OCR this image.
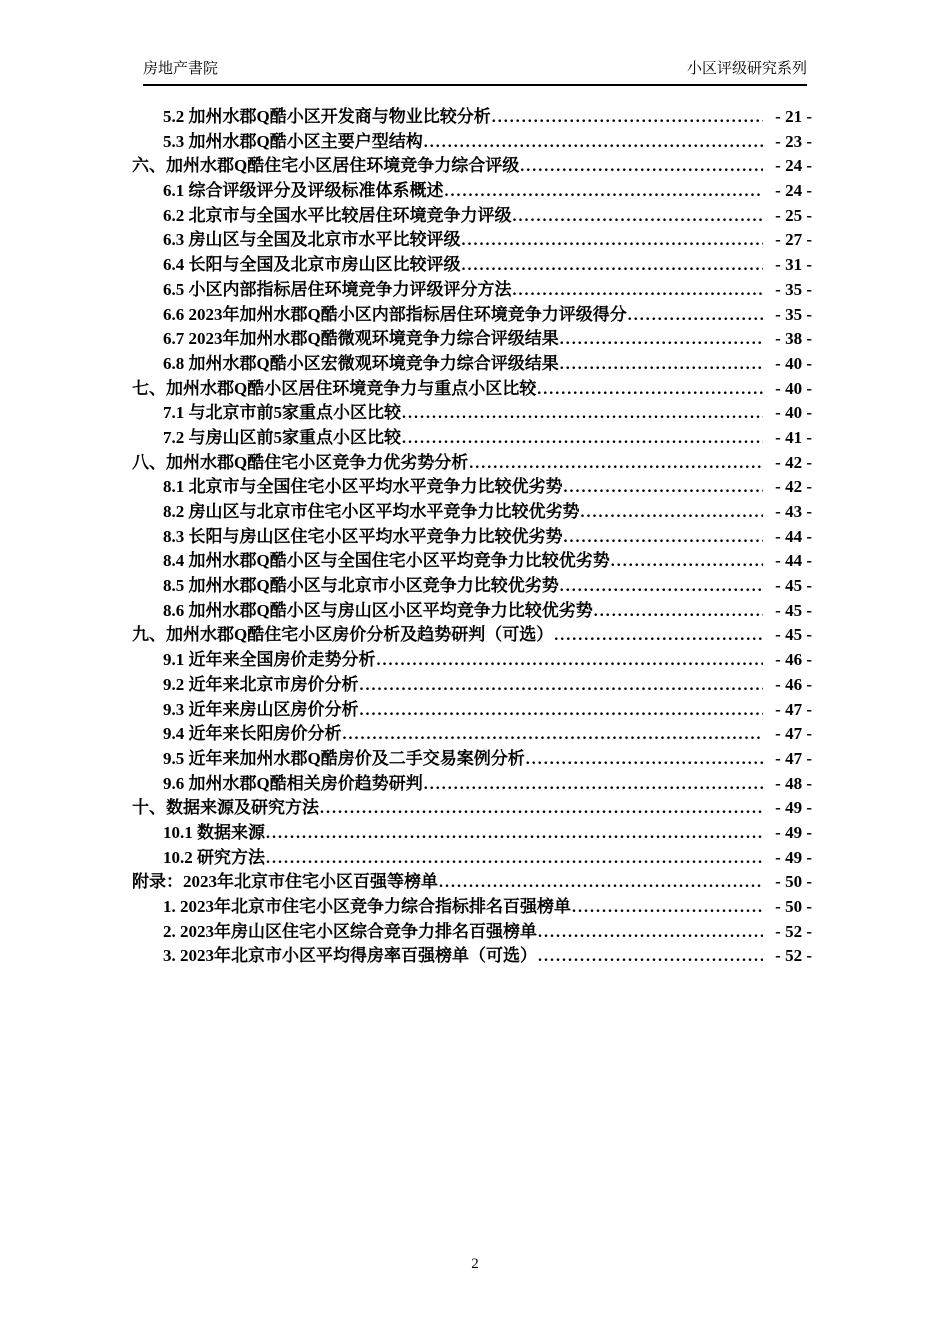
房地产書院	小区评级研究系列
5.2 加州水郡Q酷小区开发商与物业比较分析 .....	- 21 -
5.3 加州水郡Q酷小区主要户型结构 .....	- 23 -
六、加州水郡Q酷住宅小区居住环境竞争力综合评级 .....	- 24 -
6.1 综合评级评分及评级标准体系概述 .....	- 24 -
6.2 北京市与全国水平比较居住环境竞争力评级 .....	- 25 -
6.3 房山区与全国及北京市水平比较评级 .....	- 27 -
6.4 长阳与全国及北京市房山区比较评级 .....	- 31 -
6.5 小区内部指标居住环境竞争力评级评分方法 .....	- 35 -
6.6 2023年加州水郡Q酷小区内部指标居住环境竞争力评级得分 .....	- 35 -
6.7 2023年加州水郡Q酷微观环境竞争力综合评级结果 .....	- 38 -
6.8 加州水郡Q酷小区宏微观环境竞争力综合评级结果 .....	- 40 -
七、加州水郡Q酷小区居住环境竞争力与重点小区比较 .....	- 40 -
7.1 与北京市前5家重点小区比较 .....	- 40 -
7.2 与房山区前5家重点小区比较 .....	- 41 -
八、加州水郡Q酷住宅小区竞争力优劣势分析 .....	- 42 -
8.1 北京市与全国住宅小区平均水平竞争力比较优劣势 .....	- 42 -
8.2 房山区与北京市住宅小区平均水平竞争力比较优劣势 .....	- 43 -
8.3 长阳与房山区住宅小区平均水平竞争力比较优劣势 .....	- 44 -
8.4 加州水郡Q酷小区与全国住宅小区平均竞争力比较优劣势 .....	- 44 -
8.5 加州水郡Q酷小区与北京市小区竞争力比较优劣势 .....	- 45 -
8.6 加州水郡Q酷小区与房山区小区平均竞争力比较优劣势 .....	- 45 -
九、加州水郡Q酷住宅小区房价分析及趋势研判（可选） .....	- 45 -
9.1 近年来全国房价走势分析 .....	- 46 -
9.2 近年来北京市房价分析 .....	- 46 -
9.3 近年来房山区房价分析 .....	- 47 -
9.4 近年来长阳房价分析 .....	- 47 -
9.5 近年来加州水郡Q酷房价及二手交易案例分析 .....	- 47 -
9.6 加州水郡Q酷相关房价趋势研判 .....	- 48 -
十、数据来源及研究方法 .....	- 49 -
10.1 数据来源 .....	- 49 -
10.2 研究方法 .....	- 49 -
附录：2023年北京市住宅小区百强等榜单 .....	- 50 -
1. 2023年北京市住宅小区竞争力综合指标排名百强榜单 .....	- 50 -
2. 2023年房山区住宅小区综合竞争力排名百强榜单 .....	- 52 -
3. 2023年北京市小区平均得房率百强榜单（可选） .....	- 52 -
2
